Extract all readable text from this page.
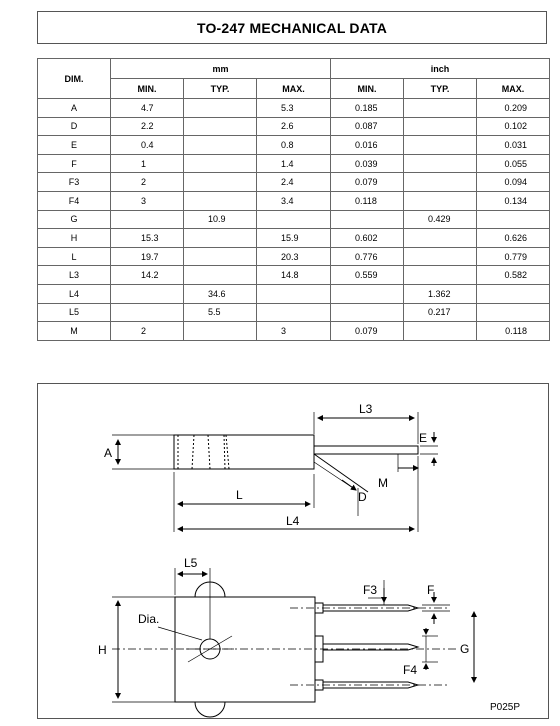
TO-247 MECHANICAL DATA
DIM.	mm			inch		
	MIN.	TYP.	MAX.	MIN.	TYP.	MAX.
A	4.7		5.3	0.185		0.209
D	2.2		2.6	0.087		0.102
E	0.4		0.8	0.016		0.031
F	1		1.4	0.039		0.055
F3	2		2.4	0.079		0.094
F4	3		3.4	0.118		0.134
G		10.9			0.429	
H	15.3		15.9	0.602		0.626
L	19.7		20.3	0.776		0.779
L3	14.2		14.8	0.559		0.582
L4		34.6			1.362	
L5		5.5			0.217	
M	2		3	0.079		0.118
A
L
L4
L3
E
M
D
L5
Dia.
H
F3	F
G
F4
P025P
